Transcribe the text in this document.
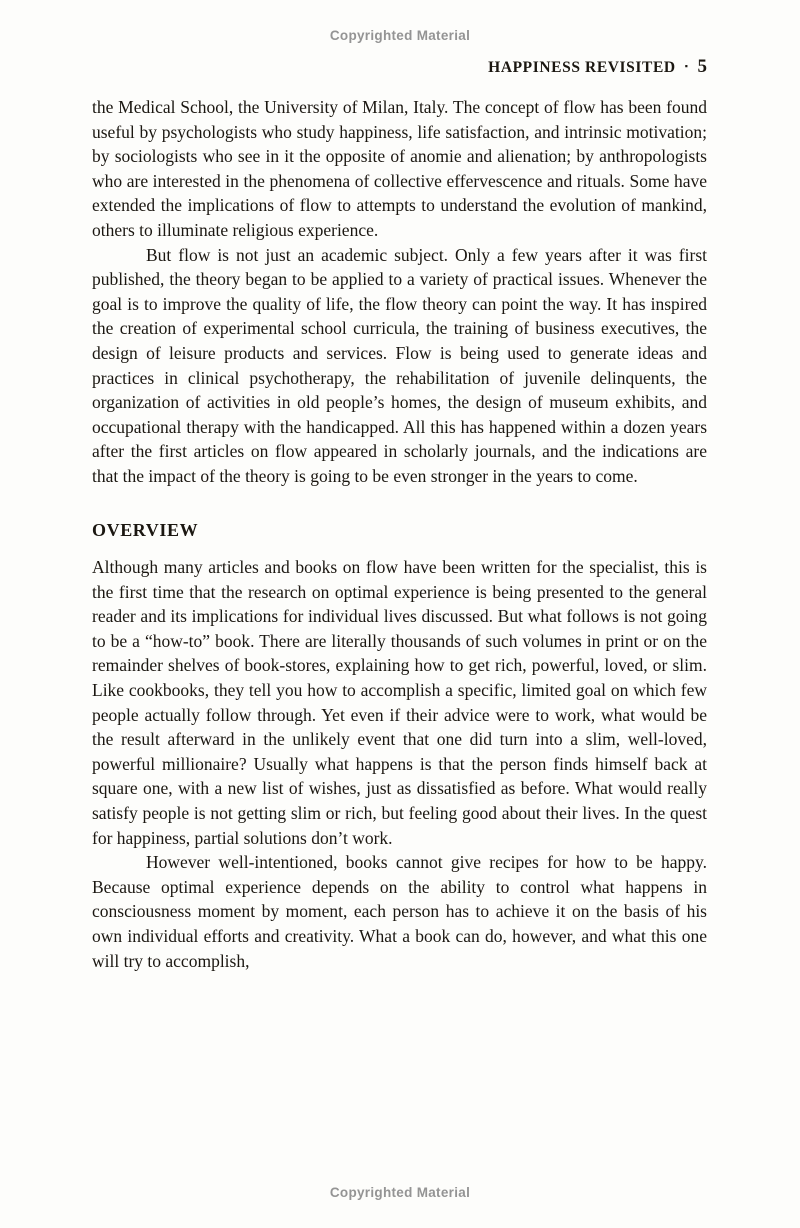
Copyrighted Material
HAPPINESS REVISITED ▪ 5

the Medical School, the University of Milan, Italy. The concept of flow has been found useful by psychologists who study happiness, life satisfaction, and intrinsic motivation; by sociologists who see in it the opposite of anomie and alienation; by anthropologists who are interested in the phenomena of collective effervescence and rituals. Some have extended the implications of flow to attempts to understand the evolution of mankind, others to illuminate religious experience.

But flow is not just an academic subject. Only a few years after it was first published, the theory began to be applied to a variety of practical issues. Whenever the goal is to improve the quality of life, the flow theory can point the way. It has inspired the creation of experimental school curricula, the training of business executives, the design of leisure products and services. Flow is being used to generate ideas and practices in clinical psychotherapy, the rehabilitation of juvenile delinquents, the organization of activities in old people’s homes, the design of museum exhibits, and occupational therapy with the handicapped. All this has happened within a dozen years after the first articles on flow appeared in scholarly journals, and the indications are that the impact of the theory is going to be even stronger in the years to come.

OVERVIEW

Although many articles and books on flow have been written for the specialist, this is the first time that the research on optimal experience is being presented to the general reader and its implications for individual lives discussed. But what follows is not going to be a “how-to” book. There are literally thousands of such volumes in print or on the remainder shelves of book-stores, explaining how to get rich, powerful, loved, or slim. Like cookbooks, they tell you how to accomplish a specific, limited goal on which few people actually follow through. Yet even if their advice were to work, what would be the result afterward in the unlikely event that one did turn into a slim, well-loved, powerful millionaire? Usually what happens is that the person finds himself back at square one, with a new list of wishes, just as dissatisfied as before. What would really satisfy people is not getting slim or rich, but feeling good about their lives. In the quest for happiness, partial solutions don’t work.

However well-intentioned, books cannot give recipes for how to be happy. Because optimal experience depends on the ability to control what happens in consciousness moment by moment, each person has to achieve it on the basis of his own individual efforts and creativity. What a book can do, however, and what this one will try to accomplish,

Copyrighted Material
